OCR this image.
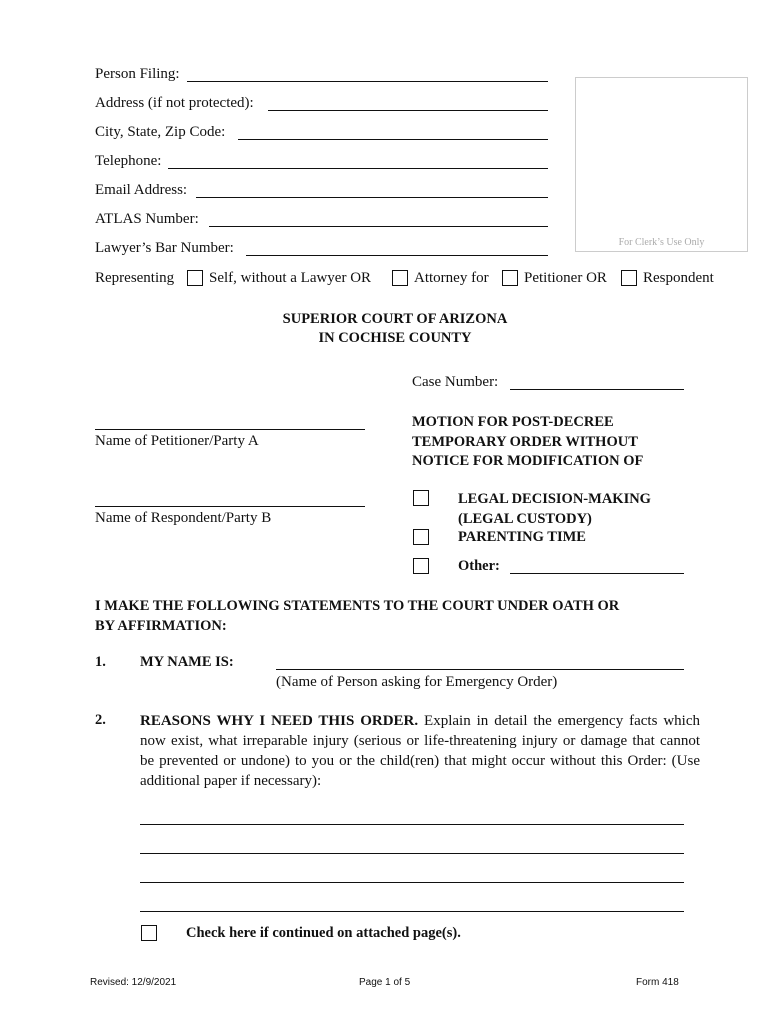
Person Filing:
Address (if not protected):
City, State, Zip Code:
Telephone:
Email Address:
ATLAS Number:
Lawyer’s Bar Number:	For Clerk’s Use Only
Representing Self, without a Lawyer OR	Attorney for Petitioner OR Respondent
SUPERIOR COURT OF ARIZONA
IN COCHISE COUNTY
Case Number:
Name of Petitioner/Party A
Name of Respondent/Party B
MOTION FOR POST-DECREE
TEMPORARY ORDER WITHOUT
NOTICE FOR MODIFICATION OF
LEGAL DECISION-MAKING
(LEGAL CUSTODY)
PARENTING TIME
Other:
I MAKE THE FOLLOWING STATEMENTS TO THE COURT UNDER OATH OR
BY AFFIRMATION:
1. MY NAME IS:
(Name of Person asking for Emergency Order)
2. REASONS WHY I NEED THIS ORDER. Explain in detail the emergency facts which now exist, what irreparable injury (serious or life-threatening injury or damage that cannot be prevented or undone) to you or the child(ren) that might occur without this Order: (Use additional paper if necessary):
Check here if continued on attached page(s).
Revised: 12/9/2021	Page 1 of 5	Form 418
